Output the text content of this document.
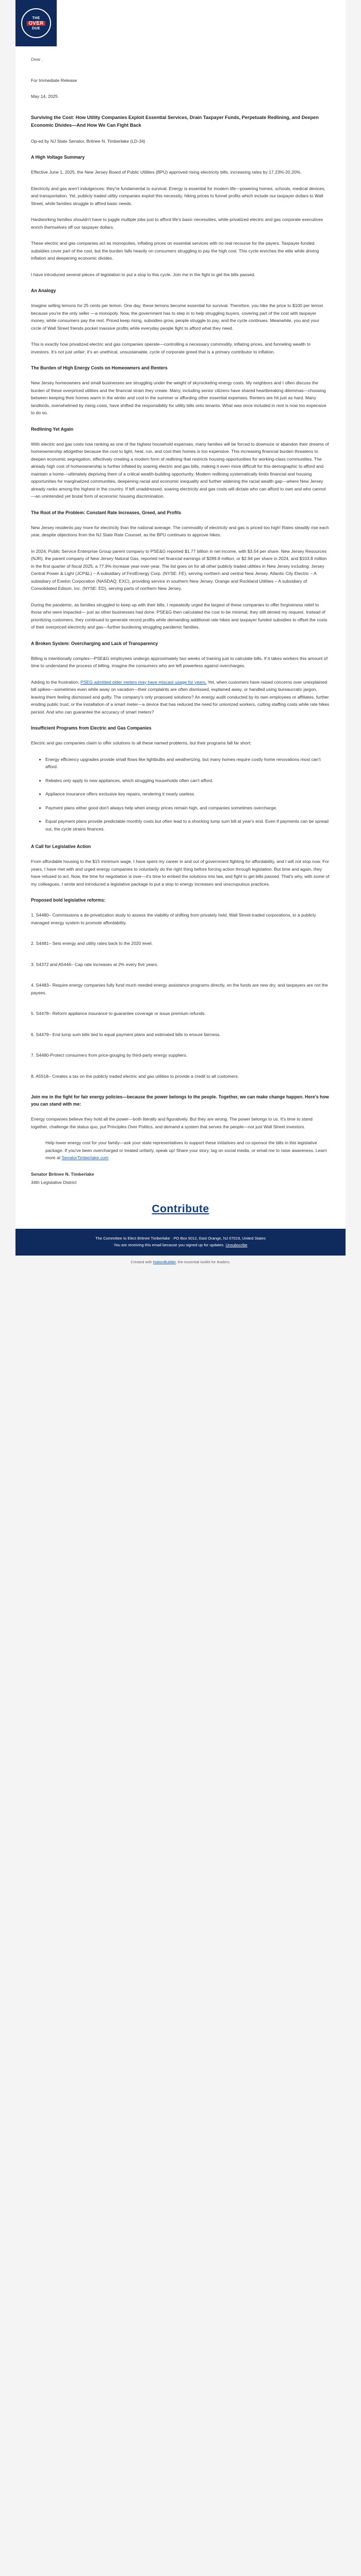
THE
OVER
DUE

Dear ,

For Immediate Release

May 14, 2025

Surviving the Cost: How Utility Companies Exploit Essential Services, Drain Taxpayer Funds, Perpetuate Redlining, and Deepen Economic Divides—And How We Can Fight Back

Op-ed by NJ State Senator, Britnee N. Timberlake (LD-34)

A High Voltage Summary

Effective June 1, 2025, the New Jersey Board of Public Utilities (BPU) approved rising electricity bills, increasing rates by 17.23%-20.20%.

Electricity and gas aren't indulgences: they're fundamental to survival. Energy is essential for modern life—powering homes, schools, medical devices, and transportation. Yet, publicly traded utility companies exploit this necessity, hiking prices to funnel profits which include our taxpayer dollars to Wall Street, while families struggle to afford basic needs.

Hardworking families shouldn't have to juggle multiple jobs just to afford life's basic necessities, while privatized electric and gas corporate executives enrich themselves off our taxpayer dollars.

These electric and gas companies act as monopolies, inflating prices on essential services with no real recourse for the payers. Taxpayer-funded subsidies cover part of the cost, but the burden falls heavily on consumers struggling to pay the high cost. This cycle enriches the elite while driving inflation and deepening economic divides.

I have introduced several pieces of legislation to put a stop to this cycle. Join me in the fight to get the bills passed.

An Analogy

Imagine selling lemons for 25 cents per lemon. One day, these lemons become essential for survival. Therefore, you hike the price to $100 per lemon because you're the only seller —a monopoly. Now, the government has to step in to help struggling buyers, covering part of the cost with taxpayer money, while consumers pay the rest. Priced keep rising, subsidies grow, people struggle to pay, and the cycle continues. Meanwhile, you and your circle of Wall Street friends pocket massive profits while everyday people fight to afford what they need.

This is exactly how privatized electric and gas companies operate—controlling a necessary commodity, inflating prices, and funneling wealth to investors. It's not just unfair; it's an unethical, unsustainable, cycle of corporate greed that is a primary contributor to inflation.

The Burden of High Energy Costs on Homeowners and Renters

New Jersey homeowners and small businesses are struggling under the weight of skyrocketing energy costs. My neighbors and I often discuss the burden of these overpriced utilities and the financial strain they create. Many, including senior citizens have shared heartbreaking dilemmas—choosing between keeping their homes warm in the winter and cool in the summer or affording other essential expenses. Renters are hit just as hard. Many landlords, overwhelmed by rising costs, have shifted the responsibility for utility bills onto tenants. What was once included in rent is now too expensive to do so.

Redlining Yet Again

With electric and gas costs now ranking as one of the highest household expenses, many families will be forced to downsize or abandon their dreams of homeownership altogether because the cost to light, heat, run, and cool their homes is too expensive. This increasing financial burden threatens to deepen economic segregation, effectively creating a modern form of redlining that restricts housing opportunities for working-class communities. The already high cost of homeownership is further inflated by soaring electric and gas bills, making it even more difficult for this demographic to afford and maintain a home—ultimately depriving them of a critical wealth-building opportunity. Modern redlining systematically limits financial and housing opportunities for marginalized communities, deepening racial and economic inequality and further widening the racial wealth gap—where New Jersey already ranks among the highest in the country. If left unaddressed, soaring electricity and gas costs will dictate who can afford to own and who cannot—an unintended yet brutal form of economic housing discrimination.

The Root of the Problem: Constant Rate Increases, Greed, and Profits

New Jersey residents pay more for electricity than the national average. The commodity of electricity and gas is priced too high! Rates steadily rise each year, despite objections from the NJ State Rate Counsel, as the BPU continues to approve hikes.

In 2024, Public Service Enterprise Group parent company to PSE&G reported $1.77 billion in net income, with $3.54 per share. New Jersey Resources (NJR), the parent company of New Jersey Natural Gas, reported net financial earnings of $289.8 million, or $2.94 per share in 2024, and $103.8 million in the first quarter of fiscal 2025, a 77.9% increase year-over-year. The list goes on for all other publicly traded utilities in New Jersey including: Jersey Central Power & Light (JCP&L) – A subsidiary of FirstEnergy Corp. (NYSE: FE), serving northern and central New Jersey. Atlantic City Electric – A subsidiary of Exelon Corporation (NASDAQ: EXC), providing service in southern New Jersey. Orange and Rockland Utilities – A subsidiary of Consolidated Edison, Inc. (NYSE: ED), serving parts of northern New Jersey.

During the pandemic, as families struggled to keep up with their bills, I repeatedly urged the largest of these companies to offer forgiveness relief to those who were impacted— just as other businesses had done. PSE&G then calculated the cost to be minimal, they still denied my request. Instead of prioritizing customers, they continued to generate record profits while demanding additional rate hikes and taxpayer funded subsidies to offset the costs of their overpriced electricity and gas—further burdening struggling pandemic families.

A Broken System: Overcharging and Lack of Transparency

Billing is intentionally complex—PSE&G employees undergo approximately two weeks of training just to calculate bills. If it takes workers this amount of time to understand the process of billing, imagine the consumers who are left powerless against overcharges.

Adding to the frustration, PSEG admitted older meters may have miscast usage for years. Yet, when customers have raised concerns over unexplained bill spikes—sometimes even while away on vacation—their complaints are often dismissed, explained away, or handled using bureaucratic jargon, leaving them feeling dismissed and guilty. The company's only proposed solutions? An energy audit conducted by its own employees or affiliates, further eroding public trust; or the installation of a smart meter—a device that has reduced the need for unionized workers, cutting staffing costs while rate hikes persist. And who can guarantee the accuracy of smart meters?

Insufficient Programs from Electric and Gas Companies

Electric and gas companies claim to offer solutions to all these named problems, but their programs fall far short:

• Energy efficiency upgrades provide small flows like lightbulbs and weatherizing, but many homes require costly home renovations most can't afford.
• Rebates only apply to new appliances, which struggling households often can't afford.
• Appliance insurance offers exclusive key repairs, rendering it nearly useless.
• Payment plans either good don't always help when energy prices remain high, and companies sometimes overcharge.
• Equal payment plans provide predictable monthly costs but often lead to a shocking lump sum bill at year's end. Even if payments can be spread out, the cycle strains finances.
A Call for Legislative Action

From affordable housing to the $15 minimum wage, I have spent my career in and out of government fighting for affordability, and I will not stop now. For years, I have met with and urged energy companies to voluntarily do the right thing before forcing action through legislation. But time and again, they have refused to act. Now, the time for negotiation is over—it's time to embed the solutions into law, and fight to get bills passed. That's why, with some of my colleagues, I wrote and introduced a legislative package to put a stop to energy increases and unscrupulous practices.

Proposed bold legislative reforms:
1. S4480– Commissions a de-privatization study to assess the viability of shifting from privately held, Wall Street-traded corporations, to a publicly managed energy system to promote affordability.
2. S4481– Sets energy and utility rates back to the 2020 level.
3. S4372 and A5446– Cap rate increases at 2% every five years.
4. S4483– Require energy companies fully fund much needed energy assistance programs directly, on the funds are new dry, and taxpayers are not the payees.
5. S4478– Reform appliance insurance to guarantee coverage or issue premium refunds.
6. S4479– End lump sum bills tied to equal payment plans and estimated bills to ensure fairness.
7. S4480-Protect consumers from price-gouging by third-party energy suppliers.
8. A5518– Creates a tax on the publicly traded electric and gas utilities to provide a credit to all customers.
Join me in the fight for fair energy policies—because the power belongs to the people. Together, we can make change happen. Here's how you can stand with me:

Energy companies believe they hold all the power—both literally and figuratively. But they are wrong. The power belongs to us. It's time to stand together, challenge the status quo, put Principles Over Politics, and demand a system that serves the people—not just Wall Street investors.

Help lower energy cost for your family—ask your state representatives to support these initiatives and co-sponsor the bills in this legislative package. If you've been overcharged or treated unfairly, speak up! Share your story, tag on social media, or email me to raise awareness. Learn more at SenatorTimberlake.com

Senator Britnee N. Timberlake

34th Legislative District

Contribute
The Committee to Elect Britnee Timberlake · PO Box 5012, East Orange, NJ 07019, United States
You are receiving this email because you signed up for updates. Unsubscribe
Created with NationBuilder, the essential toolkit for leaders.
